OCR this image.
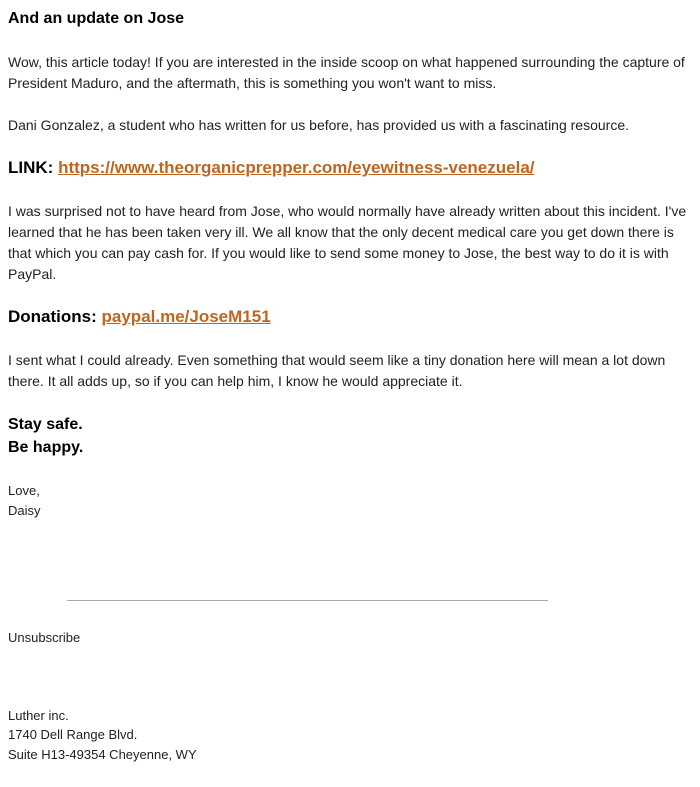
And an update on Jose

Wow, this article today! If you are interested in the inside scoop on what happened surrounding the capture of President Maduro, and the aftermath, this is something you won't want to miss.

Dani Gonzalez, a student who has written for us before, has provided us with a fascinating resource.

LINK: https://www.theorganicprepper.com/eyewitness-venezuela/

I was surprised not to have heard from Jose, who would normally have already written about this incident. I've learned that he has been taken very ill. We all know that the only decent medical care you get down there is that which you can pay cash for. If you would like to send some money to Jose, the best way to do it is with PayPal.

Donations: paypal.me/JoseM151

I sent what I could already. Even something that would seem like a tiny donation here will mean a lot down there. It all adds up, so if you can help him, I know he would appreciate it.

Stay safe.

Be happy.

Love,

Daisy

Unsubscribe

Luther inc.

1740 Dell Range Blvd.

Suite H13-49354 Cheyenne, WY
